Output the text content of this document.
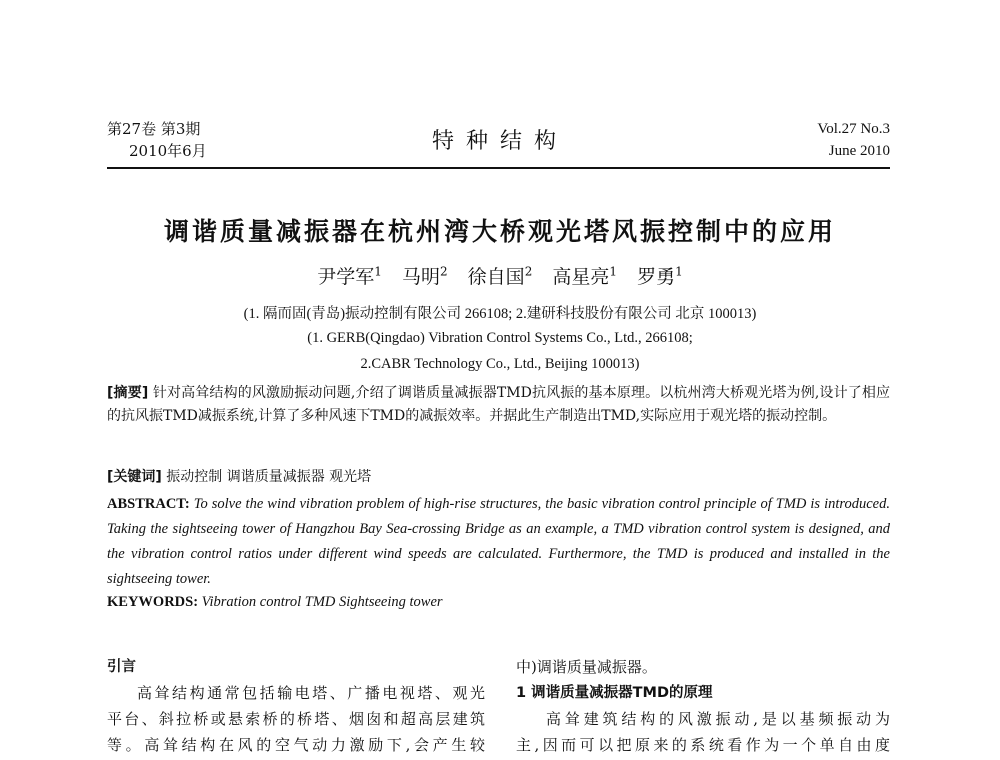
第27卷 第3期
2010年6月	特种结构	Vol.27 No.3
June 2010
调谐质量减振器在杭州湾大桥观光塔风振控制中的应用
尹学军$^1$ 马明$^2$ 徐自国$^2$ 高星亮$^1$ 罗勇$^1$
(1. 隔而固(青岛)振动控制有限公司 266108; 2.建研科技股份有限公司 北京 100013)
(1. GERB(Qingdao) Vibration Control Systems Co., Ltd., 266108;
2.CABR Technology Co., Ltd., Beijing 100013)
[摘要] 针对高耸结构的风激励振动问题,介绍了调谐质量减振器TMD抗风振的基本原理。以杭州湾大桥观光塔为例,设计了相应的抗风振TMD减振系统,计算了多种风速下TMD的减振效率。并据此生产制造出TMD,实际应用于观光塔的振动控制。
[关键词] 振动控制 调谐质量减振器 观光塔
ABSTRACT: To solve the wind vibration problem of high-rise structures, the basic vibration control principle of TMD is introduced. Taking the sightseeing tower of Hangzhou Bay Sea-crossing Bridge as an example, a TMD vibration control system is designed, and the vibration control ratios under different wind speeds are calculated. Furthermore, the TMD is produced and installed in the sightseeing tower.
KEYWORDS: Vibration control TMD Sightseeing tower
引言
高耸结构通常包括输电塔、广播电视塔、观光
平台、斜拉桥或悬索桥的桥塔、烟囱和超高层建筑
等。高耸结构在风的空气动力激励下,会产生较
中)调谐质量减振器。
1 调谐质量减振器TMD的原理
高耸建筑结构的风激振动,是以基频振动为
主,因而可以把原来的系统看作为一个单自由度
